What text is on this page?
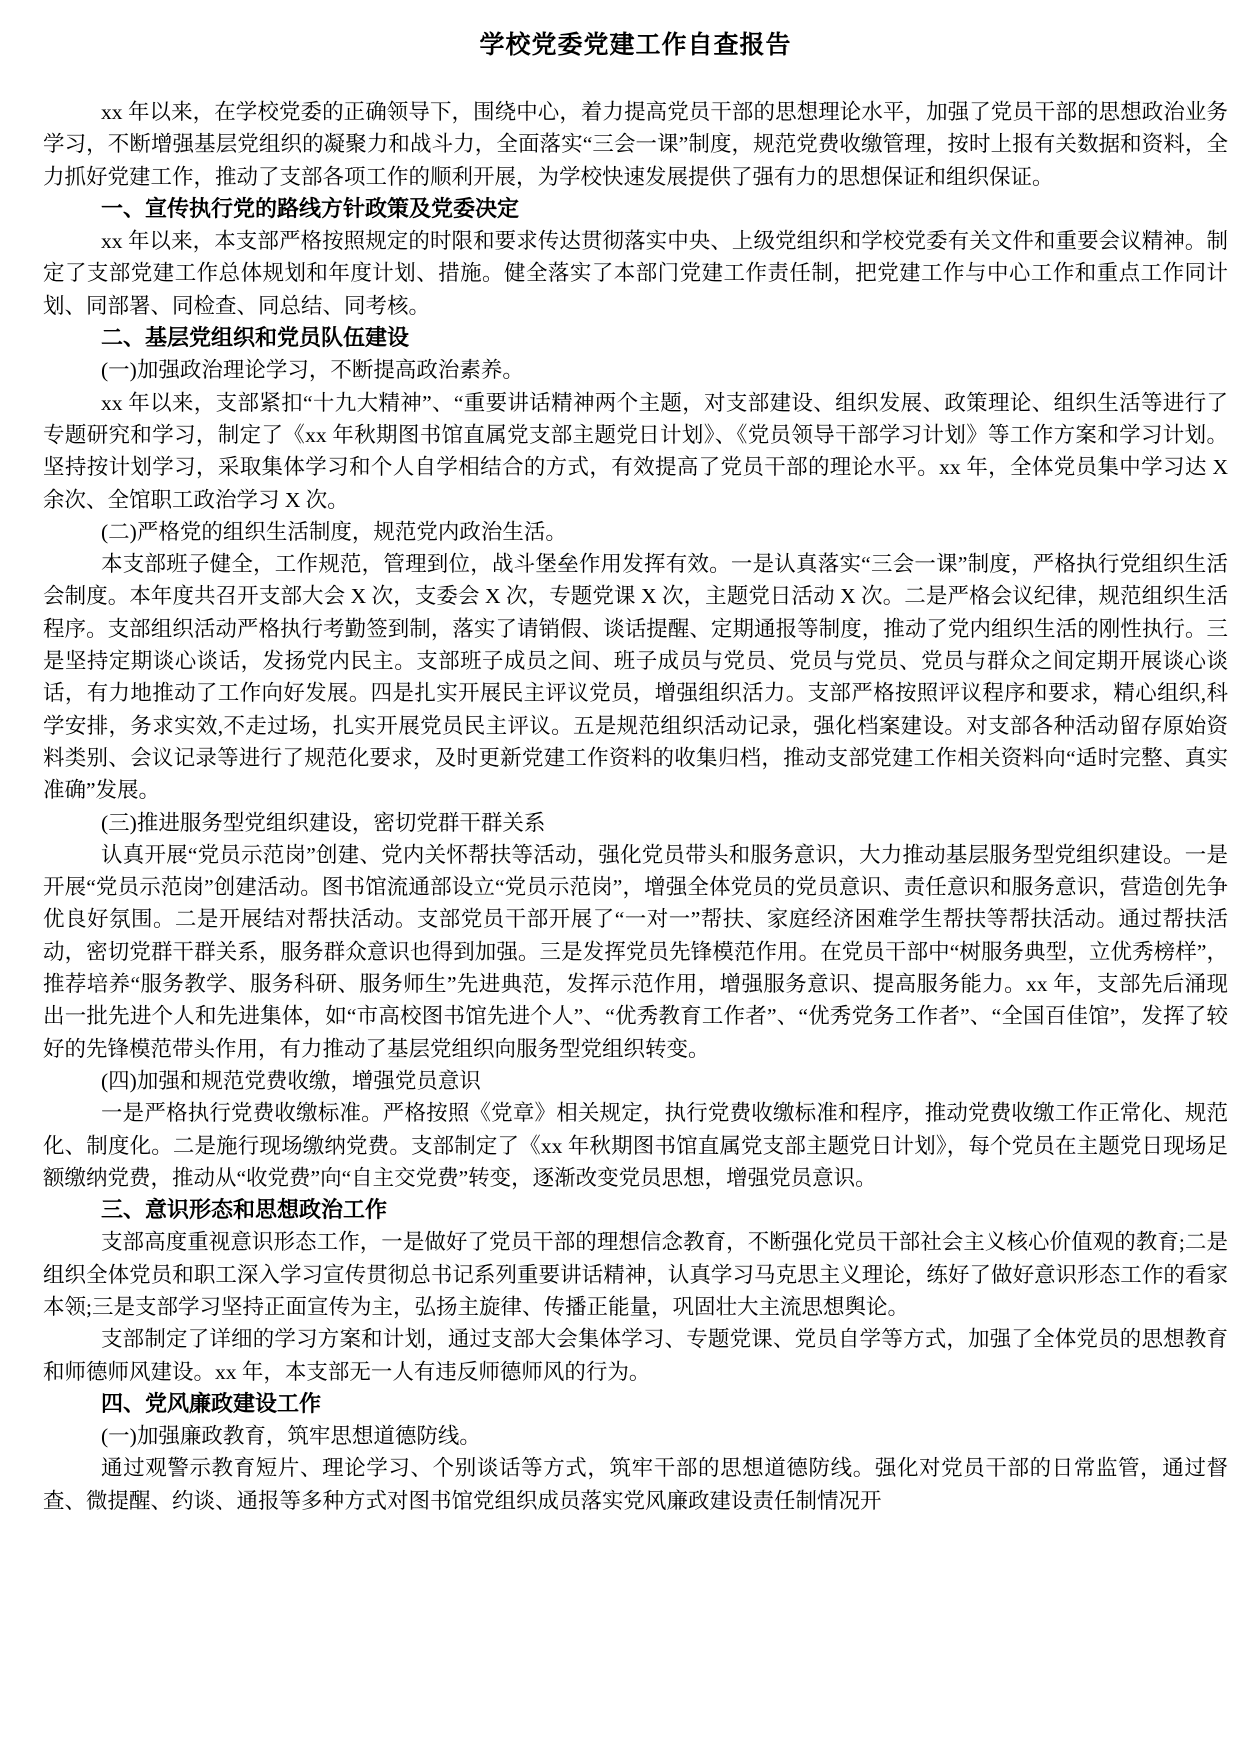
学校党委党建工作自查报告

xx 年以来，在学校党委的正确领导下，围绕中心，着力提高党员干部的思想理论水平，加强了党员干部的思想政治业务学习，不断增强基层党组织的凝聚力和战斗力，全面落实“三会一课”制度，规范党费收缴管理，按时上报有关数据和资料，全力抓好党建工作，推动了支部各项工作的顺利开展，为学校快速发展提供了强有力的思想保证和组织保证。

一、宣传执行党的路线方针政策及党委决定

xx 年以来，本支部严格按照规定的时限和要求传达贯彻落实中央、上级党组织和学校党委有关文件和重要会议精神。制定了支部党建工作总体规划和年度计划、措施。健全落实了本部门党建工作责任制，把党建工作与中心工作和重点工作同计划、同部署、同检查、同总结、同考核。

二、基层党组织和党员队伍建设

(一)加强政治理论学习，不断提高政治素养。

xx 年以来，支部紧扣“十九大精神”、“重要讲话精神两个主题，对支部建设、组织发展、政策理论、组织生活等进行了专题研究和学习，制定了《xx 年秋期图书馆直属党支部主题党日计划》、《党员领导干部学习计划》等工作方案和学习计划。坚持按计划学习，采取集体学习和个人自学相结合的方式，有效提高了党员干部的理论水平。xx 年，全体党员集中学习达 X 余次、全馆职工政治学习 X 次。

(二)严格党的组织生活制度，规范党内政治生活。

本支部班子健全，工作规范，管理到位，战斗堡垒作用发挥有效。一是认真落实“三会一课”制度，严格执行党组织生活会制度。本年度共召开支部大会 X 次，支委会 X 次，专题党课 X 次，主题党日活动 X 次。二是严格会议纪律，规范组织生活程序。支部组织活动严格执行考勤签到制，落实了请销假、谈话提醒、定期通报等制度，推动了党内组织生活的刚性执行。三是坚持定期谈心谈话，发扬党内民主。支部班子成员之间、班子成员与党员、党员与党员、党员与群众之间定期开展谈心谈话，有力地推动了工作向好发展。四是扎实开展民主评议党员，增强组织活力。支部严格按照评议程序和要求，精心组织,科学安排，务求实效,不走过场，扎实开展党员民主评议。五是规范组织活动记录，强化档案建设。对支部各种活动留存原始资料类别、会议记录等进行了规范化要求，及时更新党建工作资料的收集归档，推动支部党建工作相关资料向“适时完整、真实准确”发展。

(三)推进服务型党组织建设，密切党群干群关系

认真开展“党员示范岗”创建、党内关怀帮扶等活动，强化党员带头和服务意识，大力推动基层服务型党组织建设。一是开展“党员示范岗”创建活动。图书馆流通部设立“党员示范岗”，增强全体党员的党员意识、责任意识和服务意识，营造创先争优良好氛围。二是开展结对帮扶活动。支部党员干部开展了“一对一”帮扶、家庭经济困难学生帮扶等帮扶活动。通过帮扶活动，密切党群干群关系，服务群众意识也得到加强。三是发挥党员先锋模范作用。在党员干部中“树服务典型，立优秀榜样”，推荐培养“服务教学、服务科研、服务师生”先进典范，发挥示范作用，增强服务意识、提高服务能力。xx 年，支部先后涌现出一批先进个人和先进集体，如“市高校图书馆先进个人”、“优秀教育工作者”、“优秀党务工作者”、“全国百佳馆”，发挥了较好的先锋模范带头作用，有力推动了基层党组织向服务型党组织转变。

(四)加强和规范党费收缴，增强党员意识

一是严格执行党费收缴标准。严格按照《党章》相关规定，执行党费收缴标准和程序，推动党费收缴工作正常化、规范化、制度化。二是施行现场缴纳党费。支部制定了《xx 年秋期图书馆直属党支部主题党日计划》，每个党员在主题党日现场足额缴纳党费，推动从“收党费”向“自主交党费”转变，逐渐改变党员思想，增强党员意识。

三、意识形态和思想政治工作

支部高度重视意识形态工作，一是做好了党员干部的理想信念教育，不断强化党员干部社会主义核心价值观的教育;二是组织全体党员和职工深入学习宣传贯彻总书记系列重要讲话精神，认真学习马克思主义理论，练好了做好意识形态工作的看家本领;三是支部学习坚持正面宣传为主，弘扬主旋律、传播正能量，巩固壮大主流思想舆论。

支部制定了详细的学习方案和计划，通过支部大会集体学习、专题党课、党员自学等方式，加强了全体党员的思想教育和师德师风建设。xx 年，本支部无一人有违反师德师风的行为。

四、党风廉政建设工作

(一)加强廉政教育，筑牢思想道德防线。

通过观警示教育短片、理论学习、个别谈话等方式，筑牢干部的思想道德防线。强化对党员干部的日常监管，通过督查、微提醒、约谈、通报等多种方式对图书馆党组织成员落实党风廉政建设责任制情况开
